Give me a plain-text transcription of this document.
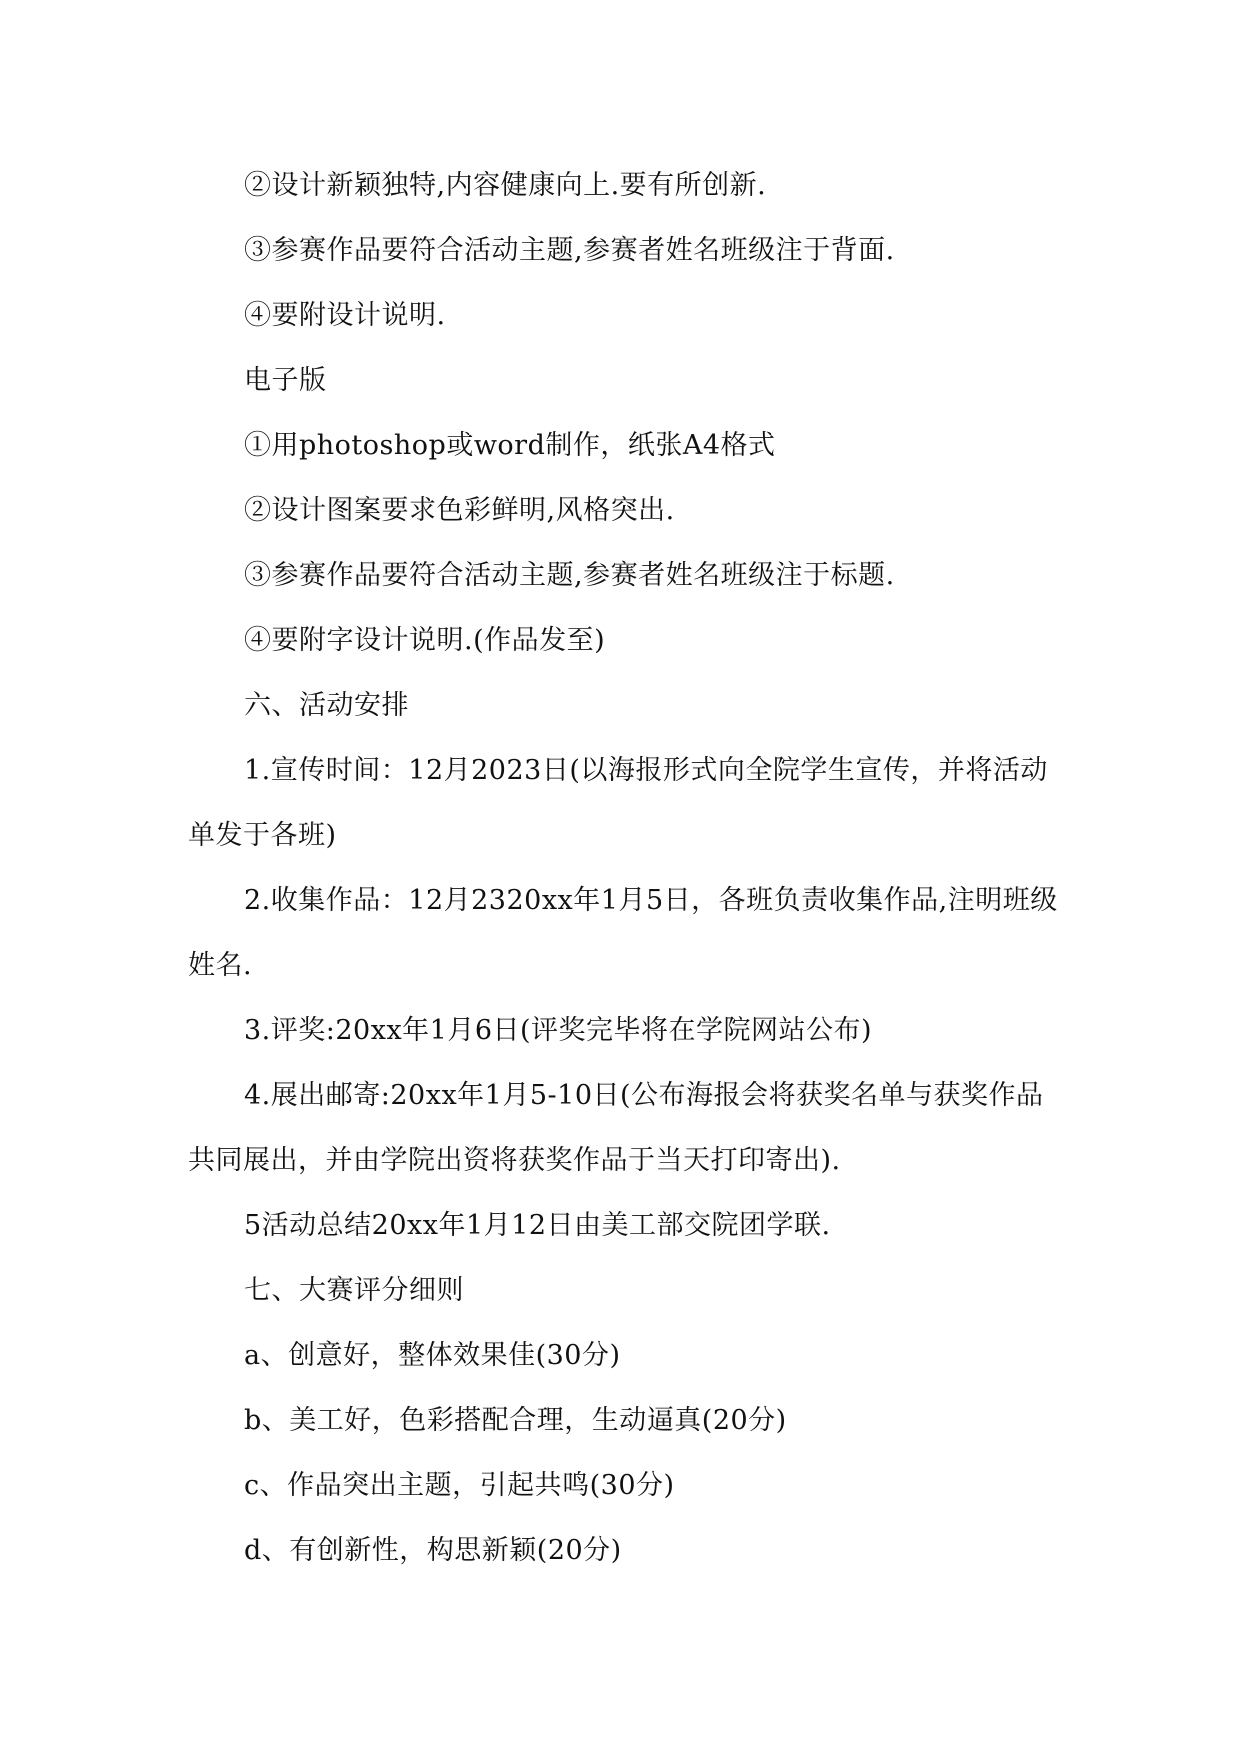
②设计新颖独特,内容健康向上.要有所创新.

③参赛作品要符合活动主题,参赛者姓名班级注于背面.

④要附设计说明.

电子版

①用photoshop或word制作，纸张A4格式

②设计图案要求色彩鲜明,风格突出.

③参赛作品要符合活动主题,参赛者姓名班级注于标题.

④要附字设计说明.(作品发至)

六、活动安排

1.宣传时间：12月2023日(以海报形式向全院学生宣传，并将活动单发于各班)

2.收集作品：12月2320xx年1月5日，各班负责收集作品,注明班级姓名.

3.评奖:20xx年1月6日(评奖完毕将在学院网站公布)

4.展出邮寄:20xx年1月5-10日(公布海报会将获奖名单与获奖作品共同展出，并由学院出资将获奖作品于当天打印寄出).

5活动总结20xx年1月12日由美工部交院团学联.

七、大赛评分细则

a、创意好，整体效果佳(30分)

b、美工好，色彩搭配合理，生动逼真(20分)

c、作品突出主题，引起共鸣(30分)

d、有创新性，构思新颖(20分)
